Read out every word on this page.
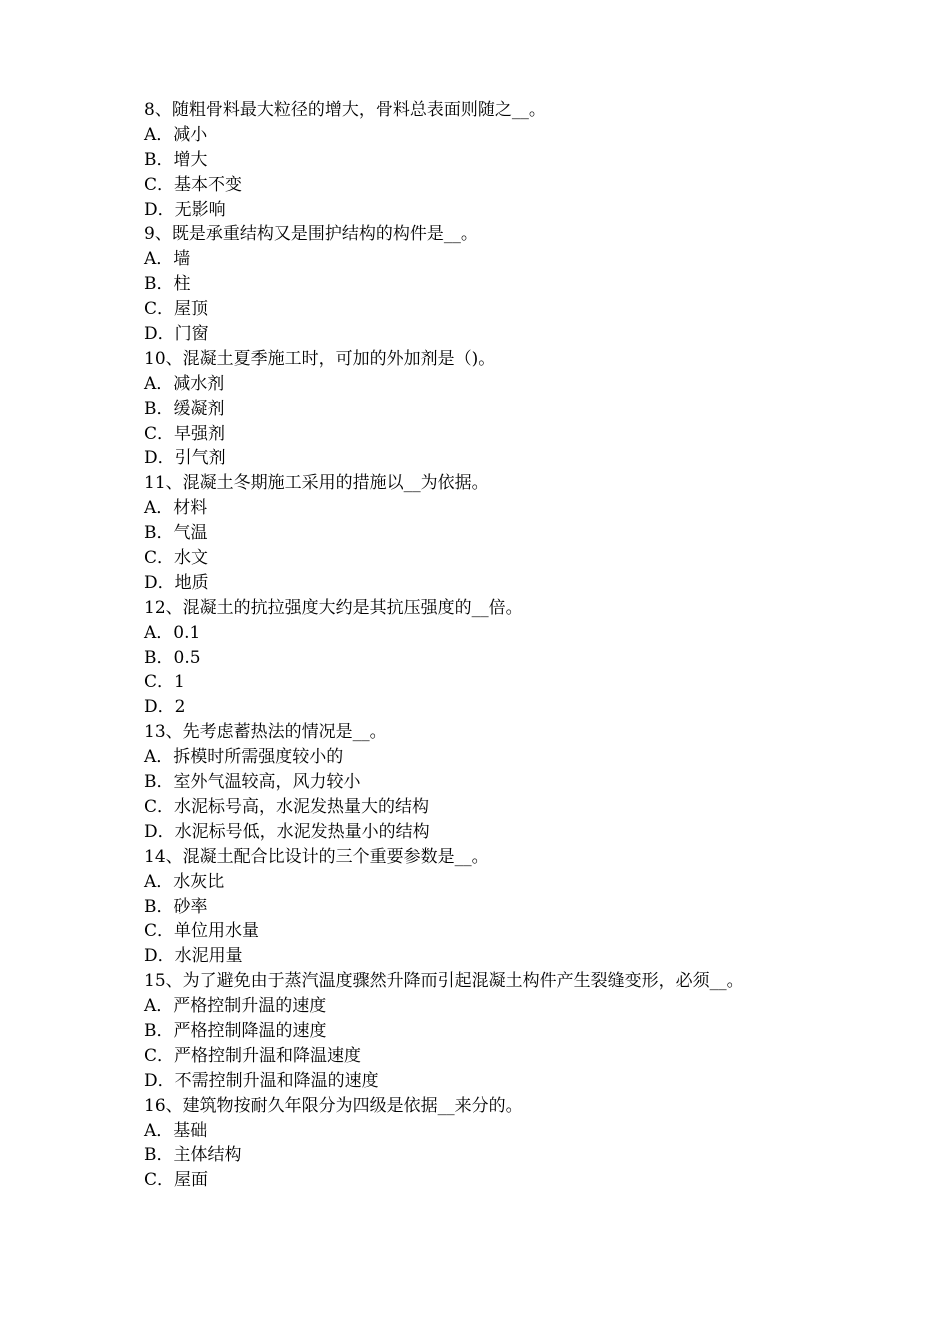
8、随粗骨料最大粒径的增大，骨料总表面则随之__。
A．减小
B．增大
C．基本不变
D．无影响
9、既是承重结构又是围护结构的构件是__。
A．墙
B．柱
C．屋顶
D．门窗
10、混凝土夏季施工时，可加的外加剂是（)。
A．减水剂
B．缓凝剂
C．早强剂
D．引气剂
11、混凝土冬期施工采用的措施以__为依据。
A．材料
B．气温
C．水文
D．地质
12、混凝土的抗拉强度大约是其抗压强度的__倍。
A．0.1
B．0.5
C．1
D．2
13、先考虑蓄热法的情况是__。
A．拆模时所需强度较小的
B．室外气温较高，风力较小
C．水泥标号高，水泥发热量大的结构
D．水泥标号低，水泥发热量小的结构
14、混凝土配合比设计的三个重要参数是__。
A．水灰比
B．砂率
C．单位用水量
D．水泥用量
15、为了避免由于蒸汽温度骤然升降而引起混凝土构件产生裂缝变形，必须__。
A．严格控制升温的速度
B．严格控制降温的速度
C．严格控制升温和降温速度
D．不需控制升温和降温的速度
16、建筑物按耐久年限分为四级是依据__来分的。
A．基础
B．主体结构
C．屋面
